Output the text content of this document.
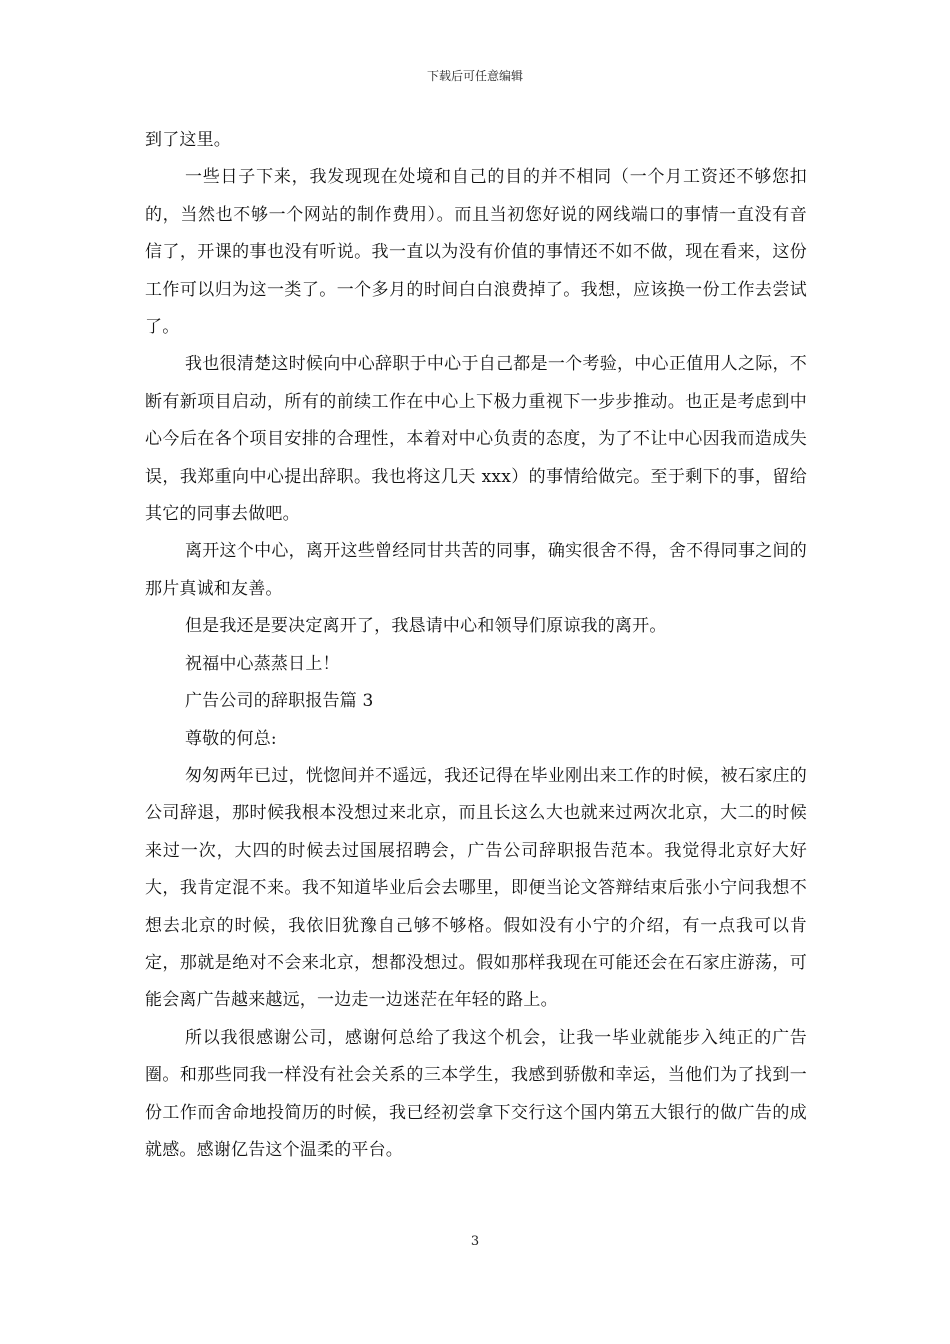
下载后可任意编辑

到了这里。

一些日子下来，我发现现在处境和自己的目的并不相同（一个月工资还不够您扣的，当然也不够一个网站的制作费用）。而且当初您好说的网线端口的事情一直没有音信了，开课的事也没有听说。我一直以为没有价值的事情还不如不做，现在看来，这份工作可以归为这一类了。一个多月的时间白白浪费掉了。我想，应该换一份工作去尝试了。

我也很清楚这时候向中心辞职于中心于自己都是一个考验，中心正值用人之际，不断有新项目启动，所有的前续工作在中心上下极力重视下一步步推动。也正是考虑到中心今后在各个项目安排的合理性，本着对中心负责的态度，为了不让中心因我而造成失误，我郑重向中心提出辞职。我也将这几天 xxx）的事情给做完。至于剩下的事，留给其它的同事去做吧。

离开这个中心，离开这些曾经同甘共苦的同事，确实很舍不得，舍不得同事之间的那片真诚和友善。

但是我还是要决定离开了，我恳请中心和领导们原谅我的离开。

祝福中心蒸蒸日上！

广告公司的辞职报告篇 3

尊敬的何总:

匆匆两年已过，恍惚间并不遥远，我还记得在毕业刚出来工作的时候，被石家庄的公司辞退，那时候我根本没想过来北京，而且长这么大也就来过两次北京，大二的时候来过一次，大四的时候去过国展招聘会，广告公司辞职报告范本。我觉得北京好大好大，我肯定混不来。我不知道毕业后会去哪里，即便当论文答辩结束后张小宁问我想不想去北京的时候，我依旧犹豫自己够不够格。假如没有小宁的介绍，有一点我可以肯定，那就是绝对不会来北京，想都没想过。假如那样我现在可能还会在石家庄游荡，可能会离广告越来越远，一边走一边迷茫在年轻的路上。

所以我很感谢公司，感谢何总给了我这个机会，让我一毕业就能步入纯正的广告圈。和那些同我一样没有社会关系的三本学生，我感到骄傲和幸运，当他们为了找到一份工作而舍命地投简历的时候，我已经初尝拿下交行这个国内第五大银行的做广告的成就感。感谢亿告这个温柔的平台。

3
